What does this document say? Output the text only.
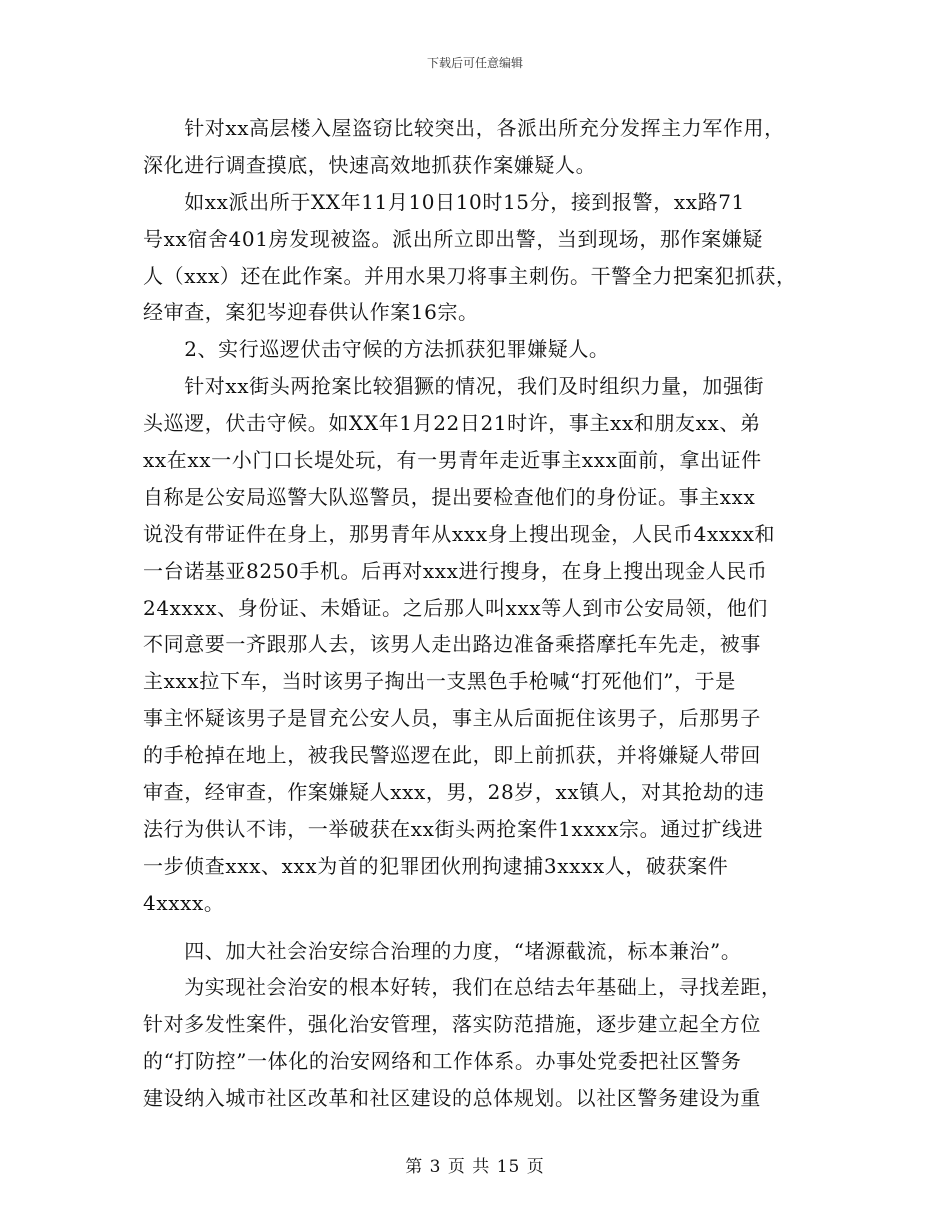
下载后可任意编辑
　　针对xx高层楼入屋盗窃比较突出，各派出所充分发挥主力军作用，
深化进行调查摸底，快速高效地抓获作案嫌疑人。
　　如xx派出所于XX年11月10日10时15分，接到报警，xx路71
号xx宿舍401房发现被盗。派出所立即出警，当到现场，那作案嫌疑
人（xxx）还在此作案。并用水果刀将事主刺伤。干警全力把案犯抓获，
经审查，案犯岑迎春供认作案16宗。
　　2、实行巡逻伏击守候的方法抓获犯罪嫌疑人。
　　针对xx街头两抢案比较猖獗的情况，我们及时组织力量，加强街
头巡逻，伏击守候。如XX年1月22日21时许，事主xx和朋友xx、弟
xx在xx一小门口长堤处玩，有一男青年走近事主xxx面前，拿出证件
自称是公安局巡警大队巡警员，提出要检查他们的身份证。事主xxx
说没有带证件在身上，那男青年从xxx身上搜出现金，人民币4xxxx和
一台诺基亚8250手机。后再对xxx进行搜身，在身上搜出现金人民币
24xxxx、身份证、未婚证。之后那人叫xxx等人到市公安局领，他们
不同意要一齐跟那人去，该男人走出路边准备乘搭摩托车先走，被事
主xxx拉下车，当时该男子掏出一支黑色手枪喊“打死他们”，于是
事主怀疑该男子是冒充公安人员，事主从后面扼住该男子，后那男子
的手枪掉在地上，被我民警巡逻在此，即上前抓获，并将嫌疑人带回
审查，经审查，作案嫌疑人xxx，男，28岁，xx镇人，对其抢劫的违
法行为供认不讳，一举破获在xx街头两抢案件1xxxx宗。通过扩线进
一步侦查xxx、xxx为首的犯罪团伙刑拘逮捕3xxxx人，破获案件
4xxxx。
　　四、加大社会治安综合治理的力度，“堵源截流，标本兼治”。
　　为实现社会治安的根本好转，我们在总结去年基础上，寻找差距，
针对多发性案件，强化治安管理，落实防范措施，逐步建立起全方位
的“打防控”一体化的治安网络和工作体系。办事处党委把社区警务
建设纳入城市社区改革和社区建设的总体规划。以社区警务建设为重
第 3 页 共 15 页
